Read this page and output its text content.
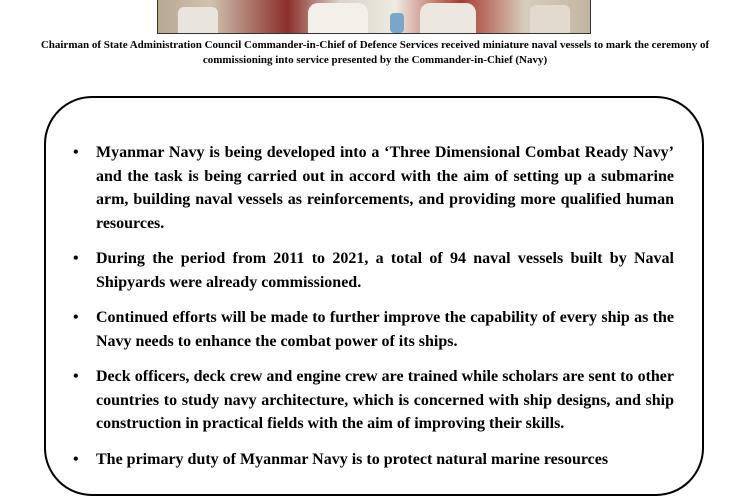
Chairman of State Administration Council Commander-in-Chief of Defence Services received miniature naval vessels to mark the ceremony of commissioning into service presented by the Commander-in-Chief (Navy)
• Myanmar Navy is being developed into a ‘Three Dimensional Combat Ready Navy’ and the task is being carried out in accord with the aim of setting up a submarine arm, building naval vessels as reinforcements, and providing more qualified human resources.
• During the period from 2011 to 2021, a total of 94 naval vessels built by Naval Shipyards were already commissioned.
• Continued efforts will be made to further improve the capability of every ship as the Navy needs to enhance the combat power of its ships.
• Deck officers, deck crew and engine crew are trained while scholars are sent to other countries to study navy architecture, which is concerned with ship designs, and ship construction in practical fields with the aim of improving their skills.
• The primary duty of Myanmar Navy is to protect natural marine resources
